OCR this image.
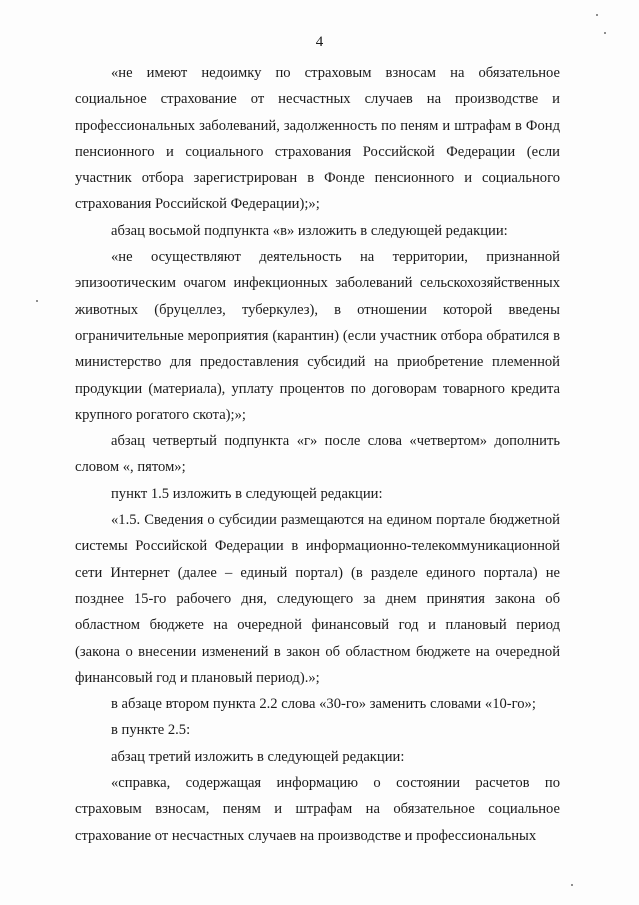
4

«не имеют недоимку по страховым взносам на обязательное социальное страхование от несчастных случаев на производстве и профессиональных заболеваний, задолженность по пеням и штрафам в Фонд пенсионного и социального страхования Российской Федерации (если участник отбора зарегистрирован в Фонде пенсионного и социального страхования Российской Федерации);»;

абзац восьмой подпункта «в» изложить в следующей редакции:

«не осуществляют деятельность на территории, признанной эпизоотическим очагом инфекционных заболеваний сельскохозяйственных животных (бруцеллез, туберкулез), в отношении которой введены ограничительные мероприятия (карантин) (если участник отбора обратился в министерство для предоставления субсидий на приобретение племенной продукции (материала), уплату процентов по договорам товарного кредита крупного рогатого скота);»;

абзац четвертый подпункта «г» после слова «четвертом» дополнить словом «, пятом»;

пункт 1.5 изложить в следующей редакции:

«1.5. Сведения о субсидии размещаются на едином портале бюджетной системы Российской Федерации в информационно-телекоммуникационной сети Интернет (далее – единый портал) (в разделе единого портала) не позднее 15-го рабочего дня, следующего за днем принятия закона об областном бюджете на очередной финансовый год и плановый период (закона о внесении изменений в закон об областном бюджете на очередной финансовый год и плановый период).»;

в абзаце втором пункта 2.2 слова «30-го» заменить словами «10-го»;

в пункте 2.5:

абзац третий изложить в следующей редакции:

«справка, содержащая информацию о состоянии расчетов по страховым взносам, пеням и штрафам на обязательное социальное страхование от несчастных случаев на производстве и профессиональных
